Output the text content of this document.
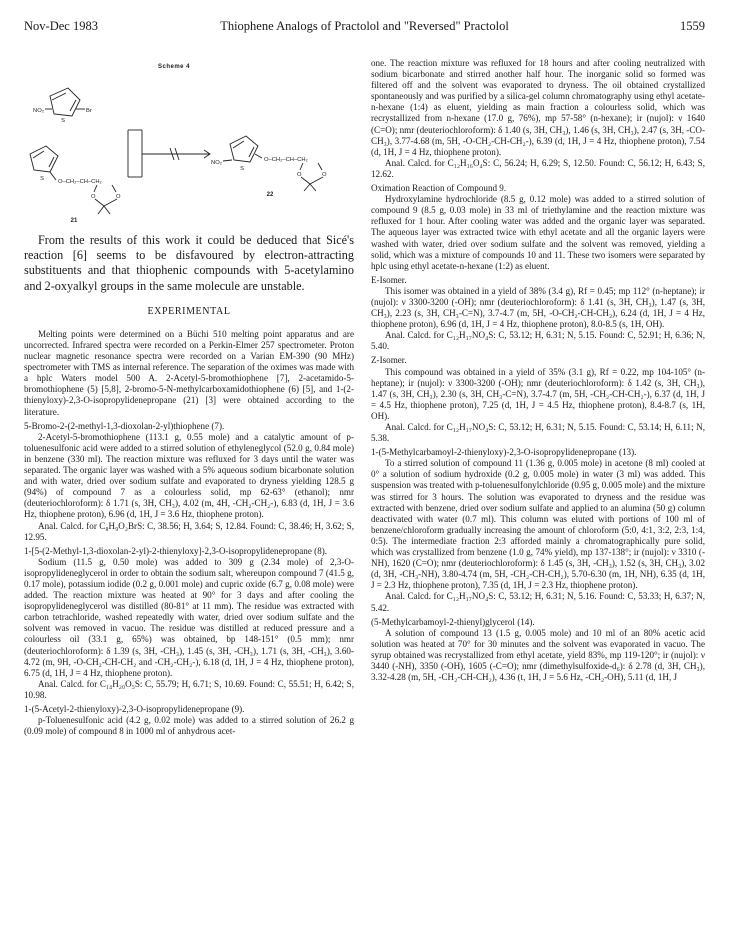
Nov-Dec 1983	Thiophene Analogs of Practolol and "Reversed" Practolol	1559
Scheme 4
NO₂
S
Br
S O–CH₂–CH–CH₂
O	O
21
NO₂
S
O–CH₂–CH–CH₂
O	O
22

From the results of this work it could be deduced that Sicé's reaction [6] seems to be disfavoured by electron-attracting substituents and that thiophenic compounds with 5-acetylamino and 2-oxyalkyl groups in the same molecule are unstable.

EXPERIMENTAL

Melting points were determined on a Büchi 510 melting point apparatus and are uncorrected. Infrared spectra were recorded on a Perkin-Elmer 257 spectrometer. Proton nuclear magnetic resonance spectra were recorded on a Varian EM-390 (90 MHz) spectrometer with TMS as internal reference. The separation of the oximes was made with a hplc Waters model 500 A. 2-Acetyl-5-bromothiophene [7], 2-acetamido-5-bromothiophene (5) [5,8], 2-bromo-5-N-methylcarboxamidothiophene (6) [5], and 1-(2-thienyloxy)-2,3-O-isopropylidenepropane (21) [3] were obtained according to the literature.

5-Bromo-2-(2-methyl-1,3-dioxolan-2-yl)thiophene (7).

2-Acetyl-5-bromothiophene (113.1 g, 0.55 mole) and a catalytic amount of p-toluenesulfonic acid were added to a stirred solution of ethyleneglycol (52.0 g, 0.84 mole) in benzene (330 ml). The reaction mixture was refluxed for 3 days until the water was separated. The organic layer was washed with a 5% aqueous sodium bicarbonate solution and with water, dried over sodium sulfate and evaporated to dryness yielding 128.5 g (94%) of compound 7 as a colourless solid, mp 62-63° (ethanol); nmr (deuteriochloroform): δ 1.71 (s, 3H, CH₃), 4.02 (m, 4H, -CH₂-CH₂-), 6.83 (d, 1H, J = 3.6 Hz, thiophene proton), 6.96 (d, 1H, J = 3.6 Hz, thiophene proton).

Anal. Calcd. for C₈H₉O₂BrS: C, 38.56; H, 3.64; S, 12.84. Found: C, 38.46; H, 3.62; S, 12.95.

1-[5-(2-Methyl-1,3-dioxolan-2-yl)-2-thienyloxy]-2,3-O-isopropylidenepropane (8).

Sodium (11.5 g, 0.50 mole) was added to 309 g (2.34 mole) of 2,3-O-isopropylideneglycerol in order to obtain the sodium salt, whereupon compound 7 (41.5 g, 0.17 mole), potassium iodide (0.2 g, 0.001 mole) and cupric oxide (6.7 g, 0.08 mole) were added. The reaction mixture was heated at 90° for 3 days and after cooling the isopropylideneglycerol was distilled (80-81° at 11 mm). The residue was extracted with carbon tetrachloride, washed repeatedly with water, dried over sodium sulfate and the solvent was removed in vacuo. The residue was distilled at reduced pressure and a colourless oil (33.1 g, 65%) was obtained, bp 148-151° (0.5 mm); nmr (deuteriochloroform): δ 1.39 (s, 3H, -CH₃), 1.45 (s, 3H, -CH₃), 1.71 (s, 3H, -CH₃), 3.60-4.72 (m, 9H, -O-CH₂-CH-CH₂ and -CH₂-CH₂-), 6.18 (d, 1H, J = 4 Hz, thiophene proton), 6.75 (d, 1H, J = 4 Hz, thiophene proton).

Anal. Calcd. for C₁₄H₂₀O₅S: C, 55.79; H, 6.71; S, 10.69. Found: C, 55.51; H, 6.42; S, 10.98.

1-(5-Acetyl-2-thienyloxy)-2,3-O-isopropylidenepropane (9).

p-Toluenesulfonic acid (4.2 g, 0.02 mole) was added to a stirred solution of 26.2 g (0.09 mole) of compound 8 in 1000 ml of anhydrous acet-

one. The reaction mixture was refluxed for 18 hours and after cooling neutralized with sodium bicarbonate and stirred another half hour. The inorganic solid so formed was filtered off and the solvent was evaporated to dryness. The oil obtained crystallized spontaneously and was purified by a silica-gel column chromatography using ethyl acetate-n-hexane (1:4) as eluent, yielding as main fraction a colourless solid, which was recrystallized from n-hexane (17.0 g, 76%), mp 57-58° (n-hexane); ir (nujol): ν 1640 (C=O); nmr (deuteriochloroform): δ 1.40 (s, 3H, CH₃), 1.46 (s, 3H, CH₃), 2.47 (s, 3H, -CO-CH₃), 3.77-4.68 (m, 5H, -O-CH₂-CH-CH₂-), 6.39 (d, 1H, J = 4 Hz, thiophene proton), 7.54 (d, 1H, J = 4 Hz, thiophene proton).

Anal. Calcd. for C₁₂H₁₆O₄S: C, 56.24; H, 6.29; S, 12.50. Found: C, 56.12; H, 6.43; S, 12.62.

Oximation Reaction of Compound 9.

Hydroxylamine hydrochloride (8.5 g, 0.12 mole) was added to a stirred solution of compound 9 (8.5 g, 0.03 mole) in 33 ml of triethylamine and the reaction mixture was refluxed for 1 hour. After cooling water was added and the organic layer was separated. The aqueous layer was extracted twice with ethyl acetate and all the organic layers were washed with water, dried over sodium sulfate and the solvent was removed, yielding a solid, which was a mixture of compounds 10 and 11. These two isomers were separated by hplc using ethyl acetate-n-hexane (1:2) as eluent.

E-Isomer.

This isomer was obtained in a yield of 38% (3.4 g), Rf = 0.45; mp 112° (n-heptane); ir (nujol): ν 3300-3200 (-OH); nmr (deuteriochloroform): δ 1.41 (s, 3H, CH₃), 1.47 (s, 3H, CH₃), 2.23 (s, 3H, CH₃-C=N), 3.7-4.7 (m, 5H, -O-CH₂-CH-CH₂), 6.24 (d, 1H, J = 4 Hz, thiophene proton), 6.96 (d, 1H, J = 4 Hz, thiophene proton), 8.0-8.5 (s, 1H, OH).

Anal. Calcd. for C₁₂H₁₇NO₄S: C, 53.12; H, 6.31; N, 5.15. Found: C, 52.91; H, 6.36; N, 5.40.

Z-Isomer.

This compound was obtained in a yield of 35% (3.1 g), Rf = 0.22, mp 104-105° (n-heptane); ir (nujol): ν 3300-3200 (-OH); nmr (deuteriochloroform): δ 1.42 (s, 3H, CH₃), 1.47 (s, 3H, CH₃), 2.30 (s, 3H, CH₃-C=N), 3.7-4.7 (m, 5H, -CH₂-CH-CH₂-), 6.37 (d, 1H, J = 4.5 Hz, thiophene proton), 7.25 (d, 1H, J = 4.5 Hz, thiophene proton), 8.4-8.7 (s, 1H, OH).

Anal. Calcd. for C₁₂H₁₇NO₄S: C, 53.12; H, 6.31; N, 5.15. Found: C, 53.14; H, 6.11; N, 5.38.

1-(5-Methylcarbamoyl-2-thienyloxy)-2,3-O-isopropylidenepropane (13).

To a stirred solution of compound 11 (1.36 g, 0.005 mole) in acetone (8 ml) cooled at 0° a solution of sodium hydroxide (0.2 g, 0.005 mole) in water (3 ml) was added. This suspension was treated with p-toluenesulfonylchloride (0.95 g, 0.005 mole) and the mixture was stirred for 3 hours. The solution was evaporated to dryness and the residue was extracted with benzene, dried over sodium sulfate and applied to an alumina (50 g) column deactivated with water (0.7 ml). This column was eluted with portions of 100 ml of benzene/chloroform gradually increasing the amount of chloroform (5:0, 4:1, 3:2, 2:3, 1:4, 0:5). The intermediate fraction 2:3 afforded mainly a chromatographically pure solid, which was crystallized from benzene (1.0 g, 74% yield), mp 137-138°; ir (nujol): ν 3310 (-NH), 1620 (C=O); nmr (deuteriochloroform): δ 1.45 (s, 3H, -CH₃), 1.52 (s, 3H, CH₃), 3.02 (d, 3H, -CH₃-NH), 3.80-4.74 (m, 5H, -CH₂-CH-CH₂), 5.70-6.30 (m, 1H, NH), 6.35 (d, 1H, J = 2.3 Hz, thiophene proton), 7.35 (d, 1H, J = 2.3 Hz, thiophene proton).

Anal. Calcd. for C₁₂H₁₇NO₄S: C, 53.12; H, 6.31; N, 5.16. Found: C, 53.33; H, 6.37; N, 5.42.

(5-Methylcarbamoyl-2-thienyl)glycerol (14).

A solution of compound 13 (1.5 g, 0.005 mole) and 10 ml of an 80% acetic acid solution was heated at 70° for 30 minutes and the solvent was evaporated in vacuo. The syrup obtained was recrystallized from ethyl acetate, yield 83%, mp 119-120°; ir (nujol): ν 3440 (-NH), 3350 (-OH), 1605 (-C=O); nmr (dimethylsulfoxide-d₆): δ 2.78 (d, 3H, CH₃), 3.32-4.28 (m, 5H, -CH₂-CH-CH₂), 4.36 (t, 1H, J = 5.6 Hz, -CH₂-OH), 5.11 (d, 1H, J
